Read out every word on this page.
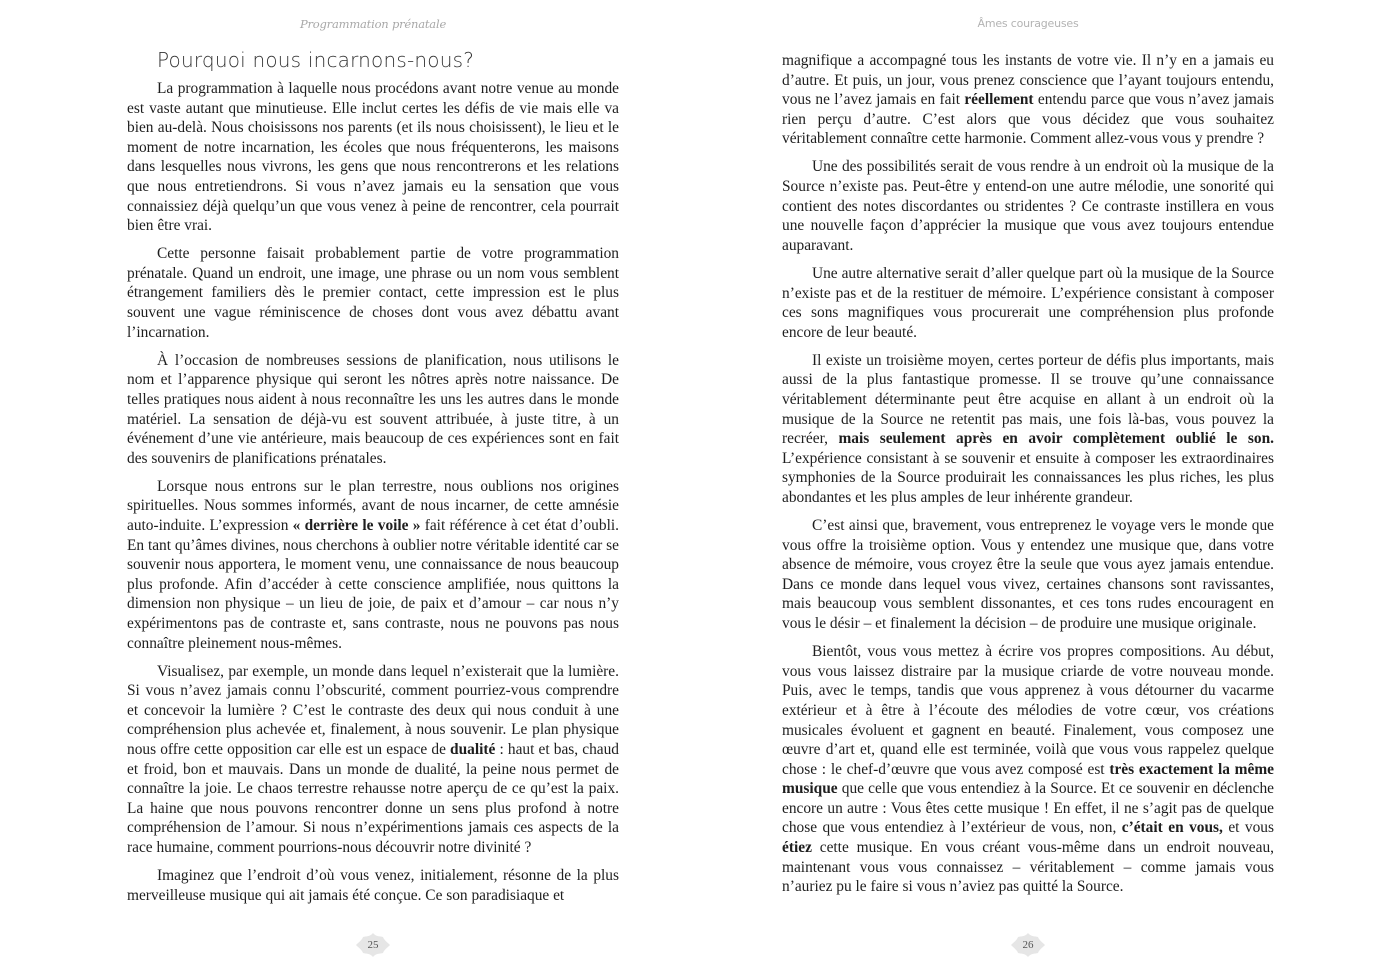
Programmation prénatale
Pourquoi nous incarnons-nous?

La programmation à laquelle nous procédons avant notre venue au monde est vaste autant que minutieuse. Elle inclut certes les défis de vie mais elle va bien au-delà. Nous choisissons nos parents (et ils nous choisissent), le lieu et le moment de notre incarnation, les écoles que nous fréquenterons, les maisons dans lesquelles nous vivrons, les gens que nous rencontrerons et les relations que nous entretiendrons. Si vous n’avez jamais eu la sensation que vous connaissiez déjà quelqu’un que vous venez à peine de rencontrer, cela pourrait bien être vrai.

Cette personne faisait probablement partie de votre programmation prénatale. Quand un endroit, une image, une phrase ou un nom vous semblent étrangement familiers dès le premier contact, cette impression est le plus souvent une vague réminiscence de choses dont vous avez débattu avant l’incarnation.

À l’occasion de nombreuses sessions de planification, nous utilisons le nom et l’apparence physique qui seront les nôtres après notre naissance. De telles pratiques nous aident à nous reconnaître les uns les autres dans le monde matériel. La sensation de déjà-vu est souvent attribuée, à juste titre, à un événement d’une vie antérieure, mais beaucoup de ces expériences sont en fait des souvenirs de planifications prénatales.

Lorsque nous entrons sur le plan terrestre, nous oublions nos origines spirituelles. Nous sommes informés, avant de nous incarner, de cette amnésie auto-induite. L’expression « derrière le voile » fait référence à cet état d’oubli. En tant qu’âmes divines, nous cherchons à oublier notre véritable identité car se souvenir nous apportera, le moment venu, une connaissance de nous beaucoup plus profonde. Afin d’accéder à cette conscience amplifiée, nous quittons la dimension non physique – un lieu de joie, de paix et d’amour – car nous n’y expérimentons pas de contraste et, sans contraste, nous ne pouvons pas nous connaître pleinement nous-mêmes.

Visualisez, par exemple, un monde dans lequel n’existerait que la lumière. Si vous n’avez jamais connu l’obscurité, comment pourriez-vous comprendre et concevoir la lumière ? C’est le contraste des deux qui nous conduit à une compréhension plus achevée et, finalement, à nous souvenir. Le plan physique nous offre cette opposition car elle est un espace de dualité : haut et bas, chaud et froid, bon et mauvais. Dans un monde de dualité, la peine nous permet de connaître la joie. Le chaos terrestre rehausse notre aperçu de ce qu’est la paix. La haine que nous pouvons rencontrer donne un sens plus profond à notre compréhension de l’amour. Si nous n’expérimentions jamais ces aspects de la race humaine, comment pourrions-nous découvrir notre divinité ?

Imaginez que l’endroit d’où vous venez, initialement, résonne de la plus merveilleuse musique qui ait jamais été conçue. Ce son paradisiaque et

25
Âmes courageuses

magnifique a accompagné tous les instants de votre vie. Il n’y en a jamais eu d’autre. Et puis, un jour, vous prenez conscience que l’ayant toujours entendu, vous ne l’avez jamais en fait réellement entendu parce que vous n’avez jamais rien perçu d’autre. C’est alors que vous décidez que vous souhaitez véritablement connaître cette harmonie. Comment allez-vous vous y prendre ?

Une des possibilités serait de vous rendre à un endroit où la musique de la Source n’existe pas. Peut-être y entend-on une autre mélodie, une sonorité qui contient des notes discordantes ou stridentes ? Ce contraste instillera en vous une nouvelle façon d’apprécier la musique que vous avez toujours entendue auparavant.

Une autre alternative serait d’aller quelque part où la musique de la Source n’existe pas et de la restituer de mémoire. L’expérience consistant à composer ces sons magnifiques vous procurerait une compréhension plus profonde encore de leur beauté.

Il existe un troisième moyen, certes porteur de défis plus importants, mais aussi de la plus fantastique promesse. Il se trouve qu’une connaissance véritablement déterminante peut être acquise en allant à un endroit où la musique de la Source ne retentit pas mais, une fois là-bas, vous pouvez la recréer, mais seulement après en avoir complètement oublié le son. L’expérience consistant à se souvenir et ensuite à composer les extraordinaires symphonies de la Source produirait les connaissances les plus riches, les plus abondantes et les plus amples de leur inhérente grandeur.

C’est ainsi que, bravement, vous entreprenez le voyage vers le monde que vous offre la troisième option. Vous y entendez une musique que, dans votre absence de mémoire, vous croyez être la seule que vous ayez jamais entendue. Dans ce monde dans lequel vous vivez, certaines chansons sont ravissantes, mais beaucoup vous semblent dissonantes, et ces tons rudes encouragent en vous le désir – et finalement la décision – de produire une musique originale.

Bientôt, vous vous mettez à écrire vos propres compositions. Au début, vous vous laissez distraire par la musique criarde de votre nouveau monde. Puis, avec le temps, tandis que vous apprenez à vous détourner du vacarme extérieur et à être à l’écoute des mélodies de votre cœur, vos créations musicales évoluent et gagnent en beauté. Finalement, vous composez une œuvre d’art et, quand elle est terminée, voilà que vous vous rappelez quelque chose : le chef-d’œuvre que vous avez composé est très exactement la même musique que celle que vous entendiez à la Source. Et ce souvenir en déclenche encore un autre : Vous êtes cette musique ! En effet, il ne s’agit pas de quelque chose que vous entendiez à l’extérieur de vous, non, c’était en vous, et vous étiez cette musique. En vous créant vous-même dans un endroit nouveau, maintenant vous vous connaissez – véritablement – comme jamais vous n’auriez pu le faire si vous n’aviez pas quitté la Source.

26
